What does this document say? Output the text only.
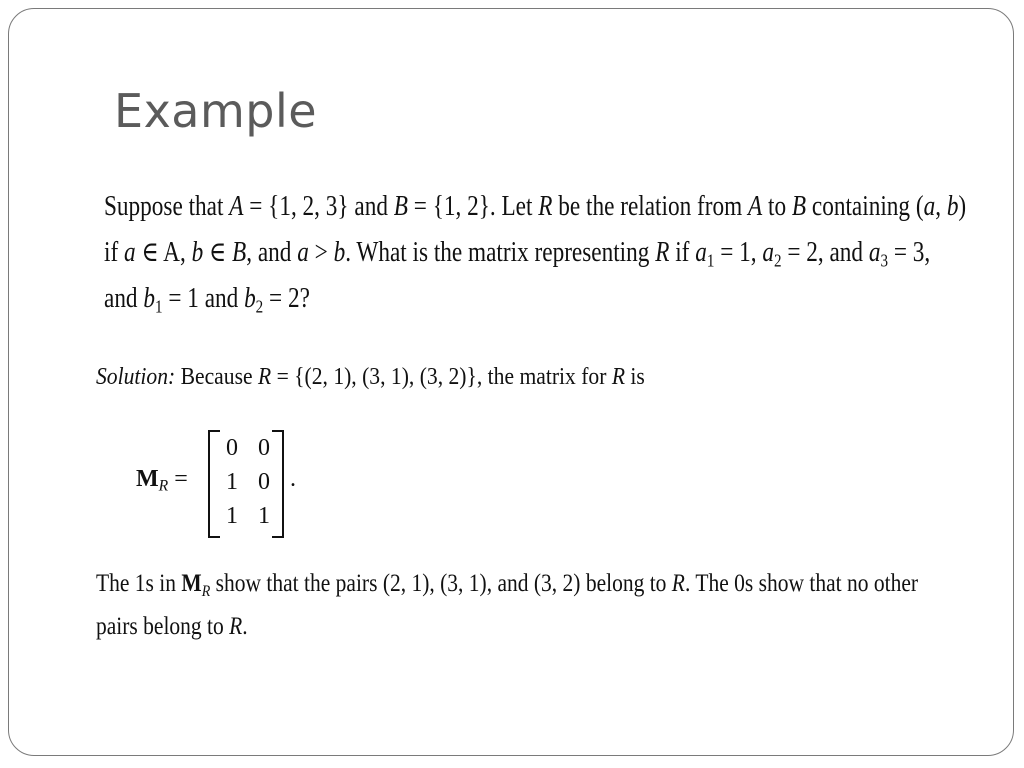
Example
Suppose that A = {1, 2, 3} and B = {1, 2}. Let R be the relation from A to B containing (a, b)
if a ∈ A, b ∈ B, and a > b. What is the matrix representing R if $a_1 = 1$, $a_2 = 2$, and $a_3 = 3$,
and $b_1 = 1$ and $b_2 = 2$?
Solution: Because R = {(2, 1), (3, 1), (3, 2)}, the matrix for R is
$M_R$ =
0 0
1 0
1 1
.
The 1s in $M_R$ show that the pairs (2, 1), (3, 1), and (3, 2) belong to R. The 0s show that no other
pairs belong to R.
